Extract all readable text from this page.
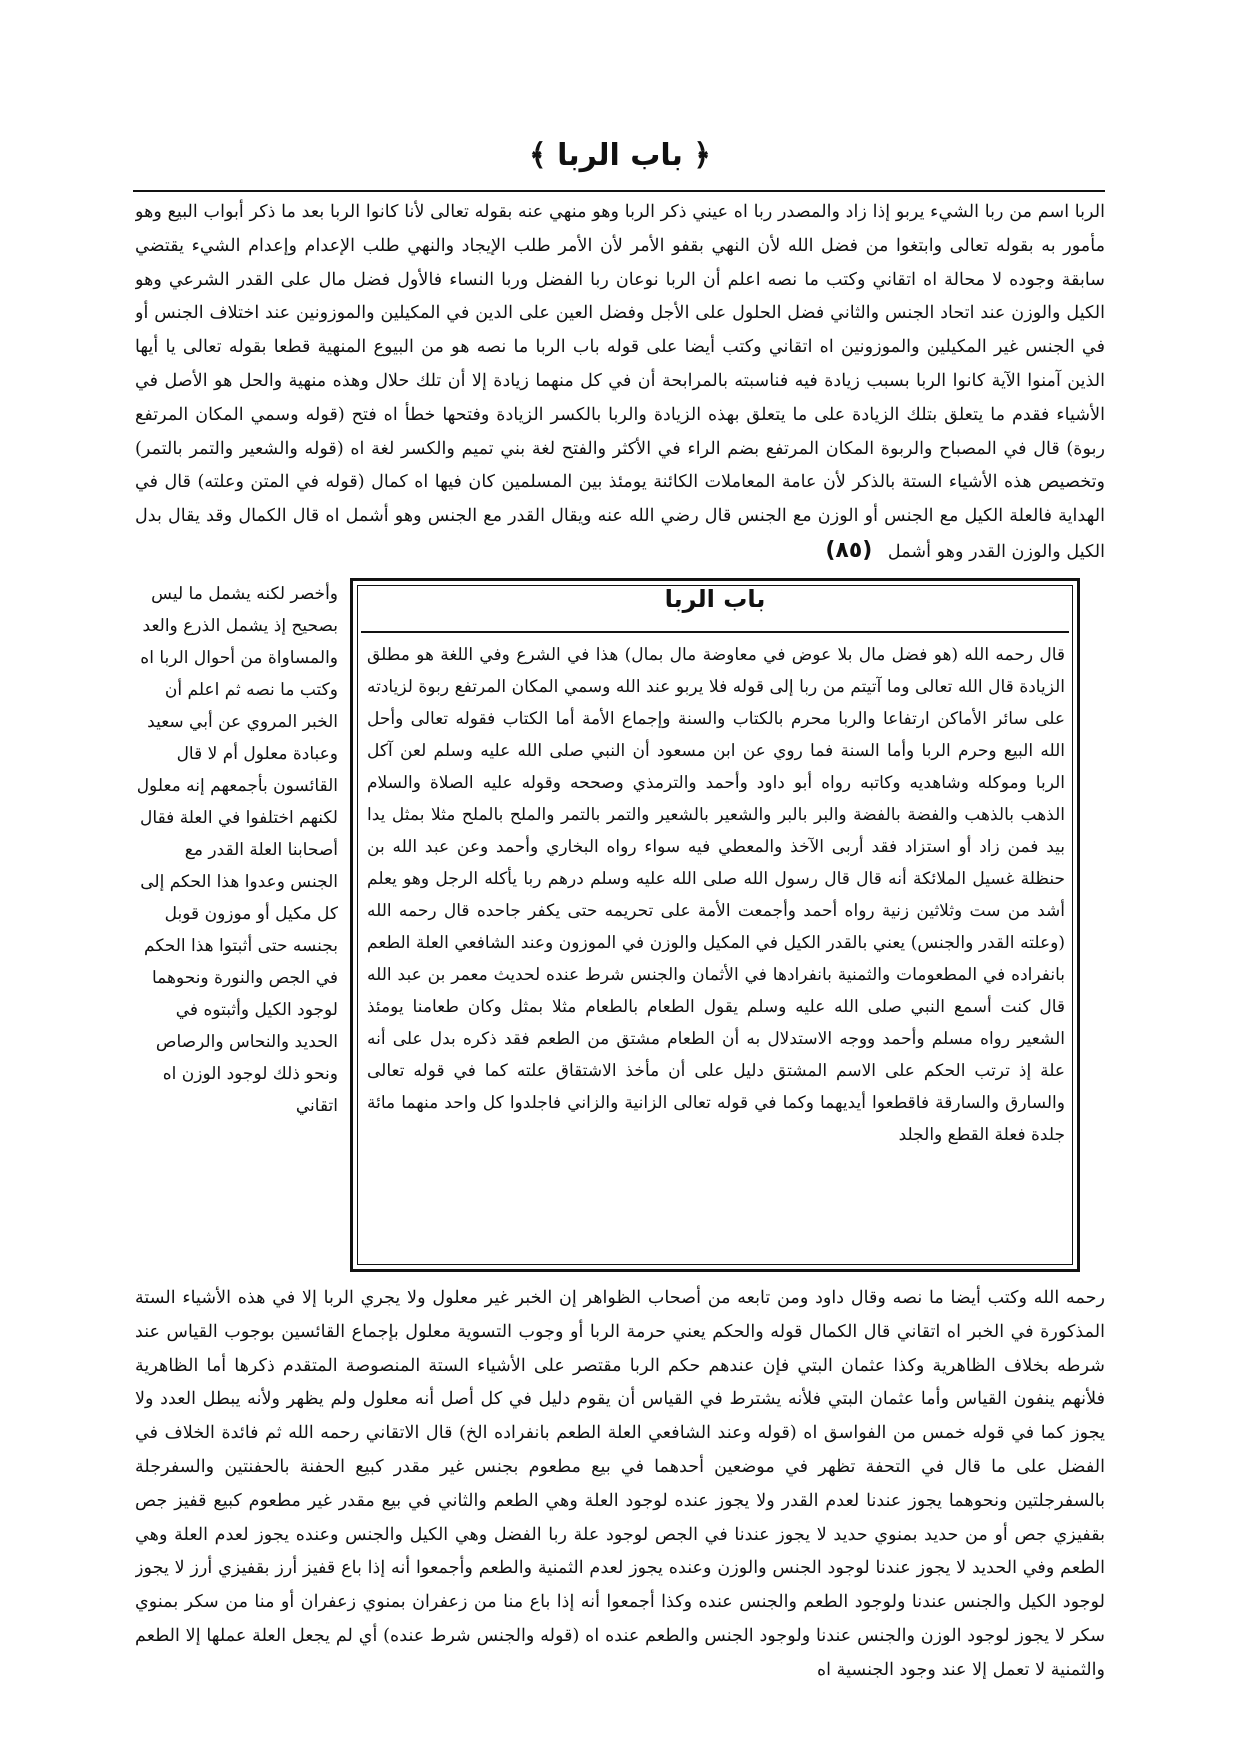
﴿ باب الربا ﴾

الربا اسم من ربا الشيء يربو إذا زاد والمصدر ربا اه عيني ذكر الربا وهو منهي عنه بقوله تعالى لأنا كانوا الربا بعد ما ذكر أبواب البيع وهو مأمور به بقوله تعالى وابتغوا من فضل الله لأن النهي بقفو الأمر لأن الأمر طلب الإيجاد والنهي طلب الإعدام وإعدام الشيء يقتضي سابقة وجوده لا محالة اه اتقاني وكتب ما نصه اعلم أن الربا نوعان ربا الفضل وربا النساء فالأول فضل مال على القدر الشرعي وهو الكيل والوزن عند اتحاد الجنس والثاني فضل الحلول على الأجل وفضل العين على الدين في المكيلين والموزونين عند اختلاف الجنس أو في الجنس غير المكيلين والموزونين اه اتقاني وكتب أيضا على قوله باب الربا ما نصه هو من البيوع المنهية قطعا بقوله تعالى يا أيها الذين آمنوا الآية كانوا الربا بسبب زيادة فيه فناسبته بالمرابحة أن في كل منهما زيادة إلا أن تلك حلال وهذه منهية والحل هو الأصل في الأشياء فقدم ما يتعلق بتلك الزيادة على ما يتعلق بهذه الزيادة والربا بالكسر الزيادة وفتحها خطأ اه فتح (قوله وسمي المكان المرتفع ربوة) قال في المصباح والربوة المكان المرتفع بضم الراء في الأكثر والفتح لغة بني تميم والكسر لغة اه (قوله والشعير والتمر بالتمر) وتخصيص هذه الأشياء الستة بالذكر لأن عامة المعاملات الكائنة يومئذ بين المسلمين كان فيها اه كمال (قوله في المتن وعلته) قال في الهداية فالعلة الكيل مع الجنس أو الوزن مع الجنس قال رضي الله عنه ويقال القدر مع الجنس وهو أشمل اه قال الكمال وقد يقال بدل الكيل والوزن القدر وهو أشمل (٨٥)

باب الربا
قال رحمه الله (هو فضل مال بلا عوض في معاوضة مال بمال) هذا في الشرع وفي اللغة هو مطلق الزيادة قال الله تعالى وما آتيتم من ربا إلى قوله فلا يربو عند الله وسمي المكان المرتفع ربوة لزيادته على سائر الأماكن ارتفاعا والربا محرم بالكتاب والسنة وإجماع الأمة أما الكتاب فقوله تعالى وأحل الله البيع وحرم الربا وأما السنة فما روي عن ابن مسعود أن النبي صلى الله عليه وسلم لعن آكل الربا وموكله وشاهديه وكاتبه رواه أبو داود وأحمد والترمذي وصححه وقوله عليه الصلاة والسلام الذهب بالذهب والفضة بالفضة والبر بالبر والشعير بالشعير والتمر بالتمر والملح بالملح مثلا بمثل يدا بيد فمن زاد أو استزاد فقد أربى الآخذ والمعطي فيه سواء رواه البخاري وأحمد وعن عبد الله بن حنظلة غسيل الملائكة أنه قال قال رسول الله صلى الله عليه وسلم درهم ربا يأكله الرجل وهو يعلم أشد من ست وثلاثين زنية رواه أحمد وأجمعت الأمة على تحريمه حتى يكفر جاحده قال رحمه الله (وعلته القدر والجنس) يعني بالقدر الكيل في المكيل والوزن في الموزون وعند الشافعي العلة الطعم بانفراده في المطعومات والثمنية بانفرادها في الأثمان والجنس شرط عنده لحديث معمر بن عبد الله قال كنت أسمع النبي صلى الله عليه وسلم يقول الطعام بالطعام مثلا بمثل وكان طعامنا يومئذ الشعير رواه مسلم وأحمد ووجه الاستدلال به أن الطعام مشتق من الطعم فقد ذكره بدل على أنه علة إذ ترتب الحكم على الاسم المشتق دليل على أن مأخذ الاشتقاق علته كما في قوله تعالى والسارق والسارقة فاقطعوا أيديهما وكما في قوله تعالى الزانية والزاني فاجلدوا كل واحد منهما مائة جلدة فعلة القطع والجلد
وأخصر لكنه يشمل ما ليس بصحيح إذ يشمل الذرع والعد والمساواة من أحوال الربا اه وكتب ما نصه ثم اعلم أن الخبر المروي عن أبي سعيد وعبادة معلول أم لا قال القائسون بأجمعهم إنه معلول لكنهم اختلفوا في العلة فقال أصحابنا العلة القدر مع الجنس وعدوا هذا الحكم إلى كل مكيل أو موزون قوبل بجنسه حتى أثبتوا هذا الحكم في الجص والنورة ونحوهما لوجود الكيل وأثبتوه في الحديد والنحاس والرصاص ونحو ذلك لوجود الوزن اه اتقاني
رحمه الله وكتب أيضا ما نصه وقال داود ومن تابعه من أصحاب الظواهر إن الخبر غير معلول ولا يجري الربا إلا في هذه الأشياء الستة المذكورة في الخبر اه اتقاني قال الكمال قوله والحكم يعني حرمة الربا أو وجوب التسوية معلول بإجماع القائسين بوجوب القياس عند شرطه بخلاف الظاهرية وكذا عثمان البتي فإن عندهم حكم الربا مقتصر على الأشياء الستة المنصوصة المتقدم ذكرها أما الظاهرية فلأنهم ينفون القياس وأما عثمان البتي فلأنه يشترط في القياس أن يقوم دليل في كل أصل أنه معلول ولم يظهر ولأنه يبطل العدد ولا يجوز كما في قوله خمس من الفواسق اه (قوله وعند الشافعي العلة الطعم بانفراده الخ) قال الاتقاني رحمه الله ثم فائدة الخلاف في الفضل على ما قال في التحفة تظهر في موضعين أحدهما في بيع مطعوم بجنس غير مقدر كبيع الحفنة بالحفنتين والسفرجلة بالسفرجلتين ونحوهما يجوز عندنا لعدم القدر ولا يجوز عنده لوجود العلة وهي الطعم والثاني في بيع مقدر غير مطعوم كبيع قفيز جص بقفيزي جص أو من حديد بمنوي حديد لا يجوز عندنا في الجص لوجود علة ربا الفضل وهي الكيل والجنس وعنده يجوز لعدم العلة وهي الطعم وفي الحديد لا يجوز عندنا لوجود الجنس والوزن وعنده يجوز لعدم الثمنية والطعم وأجمعوا أنه إذا باع قفيز أرز بقفيزي أرز لا يجوز لوجود الكيل والجنس عندنا ولوجود الطعم والجنس عنده وكذا أجمعوا أنه إذا باع منا من زعفران بمنوي زعفران أو منا من سكر بمنوي سكر لا يجوز لوجود الوزن والجنس عندنا ولوجود الجنس والطعم عنده اه (قوله والجنس شرط عنده) أي لم يجعل العلة عملها إلا الطعم والثمنية لا تعمل إلا عند وجود الجنسية اه
